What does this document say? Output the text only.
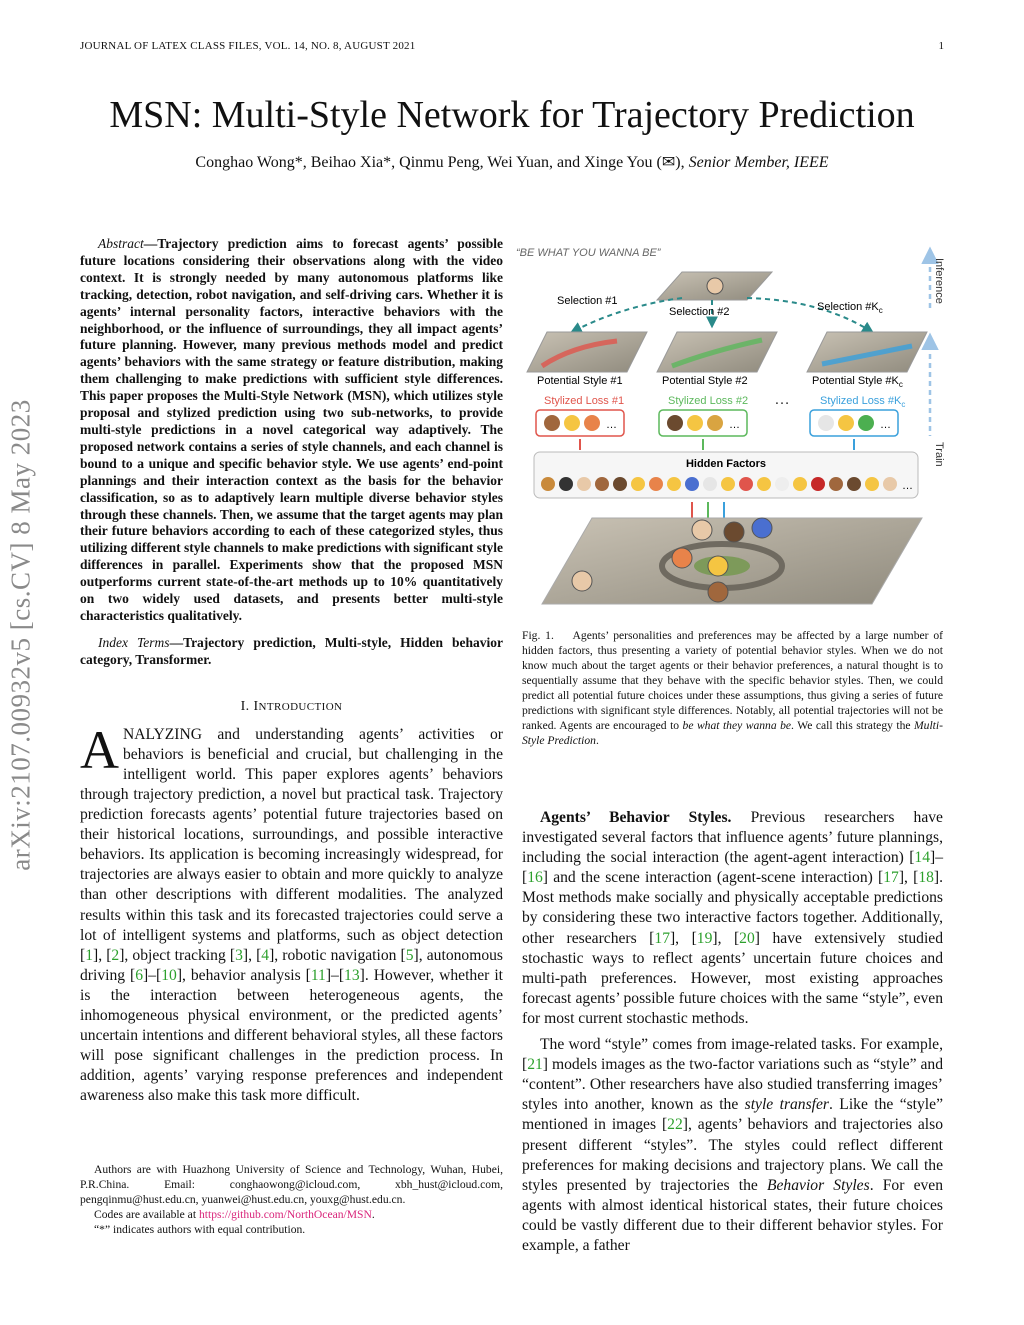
JOURNAL OF LATEX CLASS FILES, VOL. 14, NO. 8, AUGUST 2021	1
MSN: Multi-Style Network for Trajectory Prediction
Conghao Wong*, Beihao Xia*, Qinmu Peng, Wei Yuan, and Xinge You (✉), Senior Member, IEEE
arXiv:2107.00932v5 [cs.CV] 8 May 2023

Abstract—Trajectory prediction aims to forecast agents’ possible future locations considering their observations along with the video context. It is strongly needed by many autonomous platforms like tracking, detection, robot navigation, and self-driving cars. Whether it is agents’ internal personality factors, interactive behaviors with the neighborhood, or the influence of surroundings, they all impact agents’ future planning. However, many previous methods model and predict agents’ behaviors with the same strategy or feature distribution, making them challenging to make predictions with sufficient style differences. This paper proposes the Multi-Style Network (MSN), which utilizes style proposal and stylized prediction using two sub-networks, to provide multi-style predictions in a novel categorical way adaptively. The proposed network contains a series of style channels, and each channel is bound to a unique and specific behavior style. We use agents’ end-point plannings and their interaction context as the basis for the behavior classification, so as to adaptively learn multiple diverse behavior styles through these channels. Then, we assume that the target agents may plan their future behaviors according to each of these categorized styles, thus utilizing different style channels to make predictions with significant style differences in parallel. Experiments show that the proposed MSN outperforms current state-of-the-art methods up to 10% quantitatively on two widely used datasets, and presents better multi-style characteristics qualitatively.

Index Terms—Trajectory prediction, Multi-style, Hidden behavior category, Transformer.

I. INTRODUCTION
ANALYZING and understanding agents’ activities or behaviors is beneficial and crucial, but challenging in the intelligent world. This paper explores agents’ behaviors through trajectory prediction, a novel but practical task. Trajectory prediction forecasts agents’ potential future trajectories based on their historical locations, surroundings, and possible interactive behaviors. Its application is becoming increasingly widespread, for trajectories are always easier to obtain and more quickly to analyze than other descriptions with different modalities. The analyzed results within this task and its forecasted trajectories could serve a lot of intelligent systems and platforms, such as object detection [1], [2], object tracking [3], [4], robotic navigation [5], autonomous driving [6]–[10], behavior analysis [11]–[13]. However, whether it is the interaction between heterogeneous agents, the inhomogeneous physical environment, or the predicted agents’ uncertain intentions and different behavioral styles, all these factors will pose significant challenges in the prediction process. In addition, agents’ varying response preferences and independent awareness also make this task more difficult.

Authors are with Huazhong University of Science and Technology, Wuhan, Hubei, P.R.China. Email: conghaowong@icloud.com, xbh_hust@icloud.com, pengqinmu@hust.edu.cn, yuanwei@hust.edu.cn, youxg@hust.edu.cn.

Codes are available at https://github.com/NorthOcean/MSN.

“*” indicates authors with equal contribution.

“BE WHAT YOU WANNA BE”
Inference
Train
Selection #1
Selection #2	Selection $\#K_c$
Potential Style #1	Potential Style #2	Potential Style $\#K_c$
Stylized Loss #1	Stylized Loss #2	Stylized Loss $\#K_c$
…
…	…	…
Hidden Factors
…
Fig. 1. Agents’ personalities and preferences may be affected by a large number of hidden factors, thus presenting a variety of potential behavior styles. When we do not know much about the target agents or their behavior preferences, a natural thought is to sequentially assume that they behave with the specific behavior styles. Then, we could predict all potential future choices under these assumptions, thus giving a series of future predictions with significant style differences. Notably, all potential trajectories will not be ranked. Agents are encouraged to be what they wanna be. We call this strategy the Multi-Style Prediction.

Agents’ Behavior Styles. Previous researchers have investigated several factors that influence agents’ future plannings, including the social interaction (the agent-agent interaction) [14]–[16] and the scene interaction (agent-scene interaction) [17], [18]. Most methods make socially and physically acceptable predictions by considering these two interactive factors together. Additionally, other researchers [17], [19], [20] have extensively studied stochastic ways to reflect agents’ uncertain future choices and multi-path preferences. However, most existing approaches forecast agents’ possible future choices with the same “style”, even for most current stochastic methods.

The word “style” comes from image-related tasks. For example, [21] models images as the two-factor variations such as “style” and “content”. Other researchers have also studied transferring images’ styles into another, known as the style transfer. Like the “style” mentioned in images [22], agents’ behaviors and trajectories also present different “styles”. The styles could reflect different preferences for making decisions and trajectory plans. We call the styles presented by trajectories the Behavior Styles. For even agents with almost identical historical states, their future choices could be vastly different due to their different behavior styles. For example, a father
